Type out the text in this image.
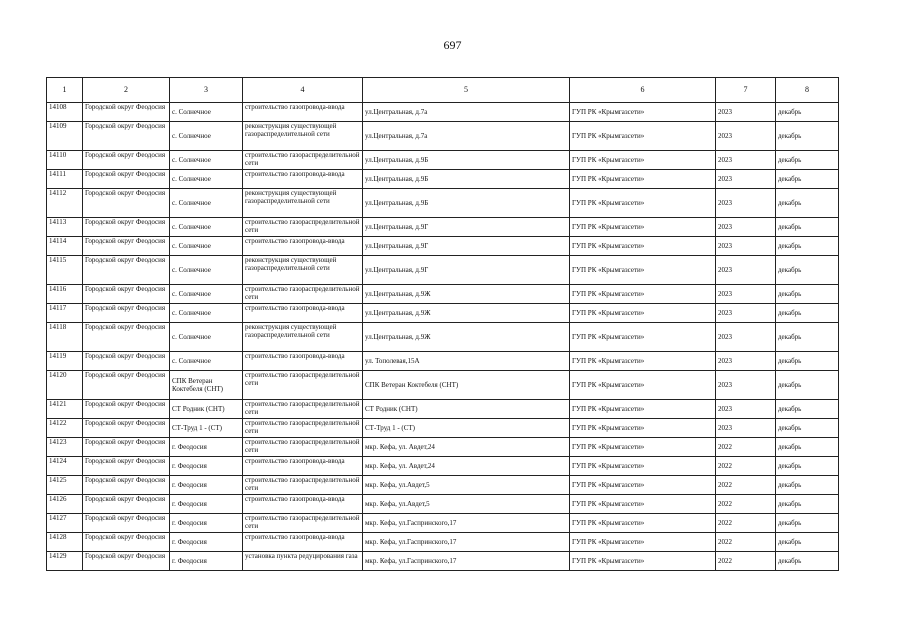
697
1	2	3	4	5	6	7	8
14108	Городской округ Феодосия	с. Солнечное	строительство газопровода-ввода	ул.Центральная, д.7а	ГУП РК «Крымгазсети»	2023	декабрь
14109	Городской округ Феодосия	с. Солнечное	реконструкция существующей газораспределительной сети	ул.Центральная, д.7а	ГУП РК «Крымгазсети»	2023	декабрь
14110	Городской округ Феодосия	с. Солнечное	строительство газораспределительной сети	ул.Центральная, д.9Б	ГУП РК «Крымгазсети»	2023	декабрь
14111	Городской округ Феодосия	с. Солнечное	строительство газопровода-ввода	ул.Центральная, д.9Б	ГУП РК «Крымгазсети»	2023	декабрь
14112	Городской округ Феодосия	с. Солнечное	реконструкция существующей газораспределительной сети	ул.Центральная, д.9Б	ГУП РК «Крымгазсети»	2023	декабрь
14113	Городской округ Феодосия	с. Солнечное	строительство газораспределительной сети	ул.Центральная, д.9Г	ГУП РК «Крымгазсети»	2023	декабрь
14114	Городской округ Феодосия	с. Солнечное	строительство газопровода-ввода	ул.Центральная, д.9Г	ГУП РК «Крымгазсети»	2023	декабрь
14115	Городской округ Феодосия	с. Солнечное	реконструкция существующей газораспределительной сети	ул.Центральная, д.9Г	ГУП РК «Крымгазсети»	2023	декабрь
14116	Городской округ Феодосия	с. Солнечное	строительство газораспределительной сети	ул.Центральная, д.9Ж	ГУП РК «Крымгазсети»	2023	декабрь
14117	Городской округ Феодосия	с. Солнечное	строительство газопровода-ввода	ул.Центральная, д.9Ж	ГУП РК «Крымгазсети»	2023	декабрь
14118	Городской округ Феодосия	с. Солнечное	реконструкция существующей газораспределительной сети	ул.Центральная, д.9Ж	ГУП РК «Крымгазсети»	2023	декабрь
14119	Городской округ Феодосия	с. Солнечное	строительство газопровода-ввода	ул. Тополевая,15А	ГУП РК «Крымгазсети»	2023	декабрь
14120	Городской округ Феодосия	СПК Ветеран Коктебеля (СНТ)	строительство газораспределительной сети	СПК Ветеран Коктебеля (СНТ)	ГУП РК «Крымгазсети»	2023	декабрь
14121	Городской округ Феодосия	СТ Родник (СНТ)	строительство газораспределительной сети	СТ Родник (СНТ)	ГУП РК «Крымгазсети»	2023	декабрь
14122	Городской округ Феодосия	СТ-Труд 1 - (СТ)	строительство газораспределительной сети	СТ-Труд 1 - (СТ)	ГУП РК «Крымгазсети»	2023	декабрь
14123	Городской округ Феодосия	г. Феодосия	строительство газораспределительной сети	мкр. Кефа, ул. Авдет,24	ГУП РК «Крымгазсети»	2022	декабрь
14124	Городской округ Феодосия	г. Феодосия	строительство газопровода-ввода	мкр. Кефа, ул. Авдет,24	ГУП РК «Крымгазсети»	2022	декабрь
14125	Городской округ Феодосия	г. Феодосия	строительство газораспределительной сети	мкр. Кефа, ул.Авдет,5	ГУП РК «Крымгазсети»	2022	декабрь
14126	Городской округ Феодосия	г. Феодосия	строительство газопровода-ввода	мкр. Кефа, ул.Авдет,5	ГУП РК «Крымгазсети»	2022	декабрь
14127	Городской округ Феодосия	г. Феодосия	строительство газораспределительной сети	мкр. Кефа, ул.Гаспринского,17	ГУП РК «Крымгазсети»	2022	декабрь
14128	Городской округ Феодосия	г. Феодосия	строительство газопровода-ввода	мкр. Кефа, ул.Гаспринского,17	ГУП РК «Крымгазсети»	2022	декабрь
14129	Городской округ Феодосия	г. Феодосия	установка пункта редуцирования газа	мкр. Кефа, ул.Гаспринского,17	ГУП РК «Крымгазсети»	2022	декабрь
